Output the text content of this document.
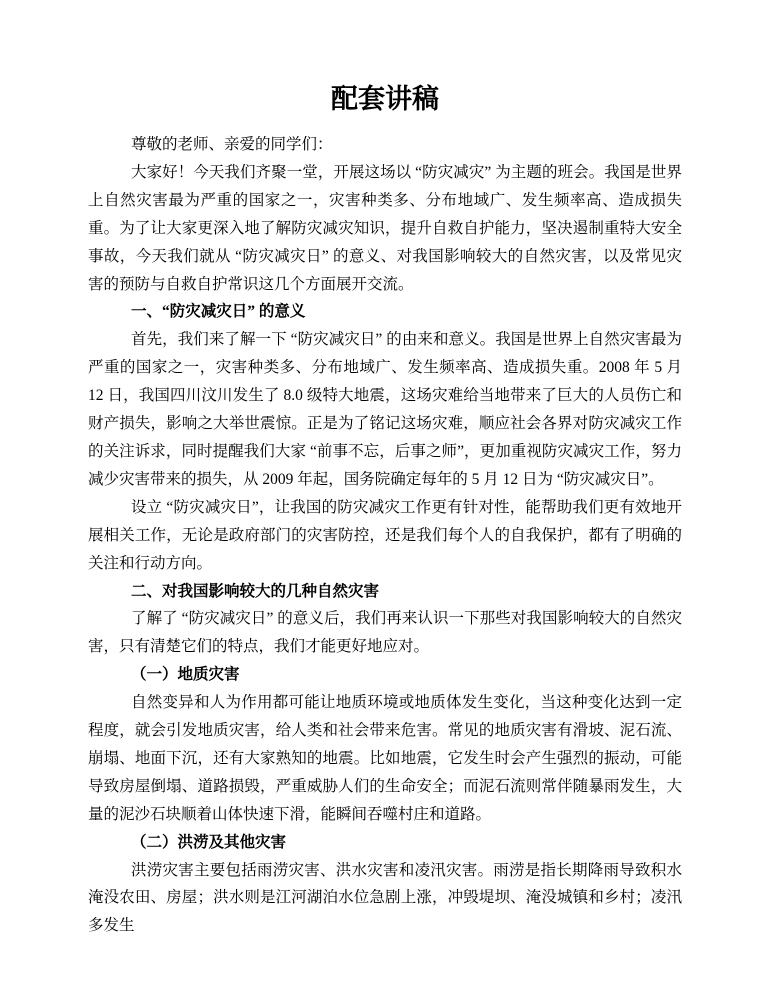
配套讲稿

尊敬的老师、亲爱的同学们：

大家好！今天我们齐聚一堂，开展这场以 “防灾减灾” 为主题的班会。我国是世界上自然灾害最为严重的国家之一，灾害种类多、分布地域广、发生频率高、造成损失重。为了让大家更深入地了解防灾减灾知识，提升自救自护能力，坚决遏制重特大安全事故，今天我们就从 “防灾减灾日” 的意义、对我国影响较大的自然灾害，以及常见灾害的预防与自救自护常识这几个方面展开交流。

一、“防灾减灾日” 的意义

首先，我们来了解一下 “防灾减灾日” 的由来和意义。我国是世界上自然灾害最为严重的国家之一，灾害种类多、分布地域广、发生频率高、造成损失重。2008 年 5 月 12 日，我国四川汶川发生了 8.0 级特大地震，这场灾难给当地带来了巨大的人员伤亡和财产损失，影响之大举世震惊。正是为了铭记这场灾难，顺应社会各界对防灾减灾工作的关注诉求，同时提醒我们大家 “前事不忘，后事之师”，更加重视防灾减灾工作，努力减少灾害带来的损失，从 2009 年起，国务院确定每年的 5 月 12 日为 “防灾减灾日”。

设立 “防灾减灾日”，让我国的防灾减灾工作更有针对性，能帮助我们更有效地开展相关工作，无论是政府部门的灾害防控，还是我们每个人的自我保护，都有了明确的关注和行动方向。

二、对我国影响较大的几种自然灾害

了解了 “防灾减灾日” 的意义后，我们再来认识一下那些对我国影响较大的自然灾害，只有清楚它们的特点，我们才能更好地应对。

（一）地质灾害

自然变异和人为作用都可能让地质环境或地质体发生变化，当这种变化达到一定程度，就会引发地质灾害，给人类和社会带来危害。常见的地质灾害有滑坡、泥石流、崩塌、地面下沉，还有大家熟知的地震。比如地震，它发生时会产生强烈的振动，可能导致房屋倒塌、道路损毁，严重威胁人们的生命安全；而泥石流则常伴随暴雨发生，大量的泥沙石块顺着山体快速下滑，能瞬间吞噬村庄和道路。

（二）洪涝及其他灾害

洪涝灾害主要包括雨涝灾害、洪水灾害和凌汛灾害。雨涝是指长期降雨导致积水淹没农田、房屋；洪水则是江河湖泊水位急剧上涨，冲毁堤坝、淹没城镇和乡村；凌汛多发生
